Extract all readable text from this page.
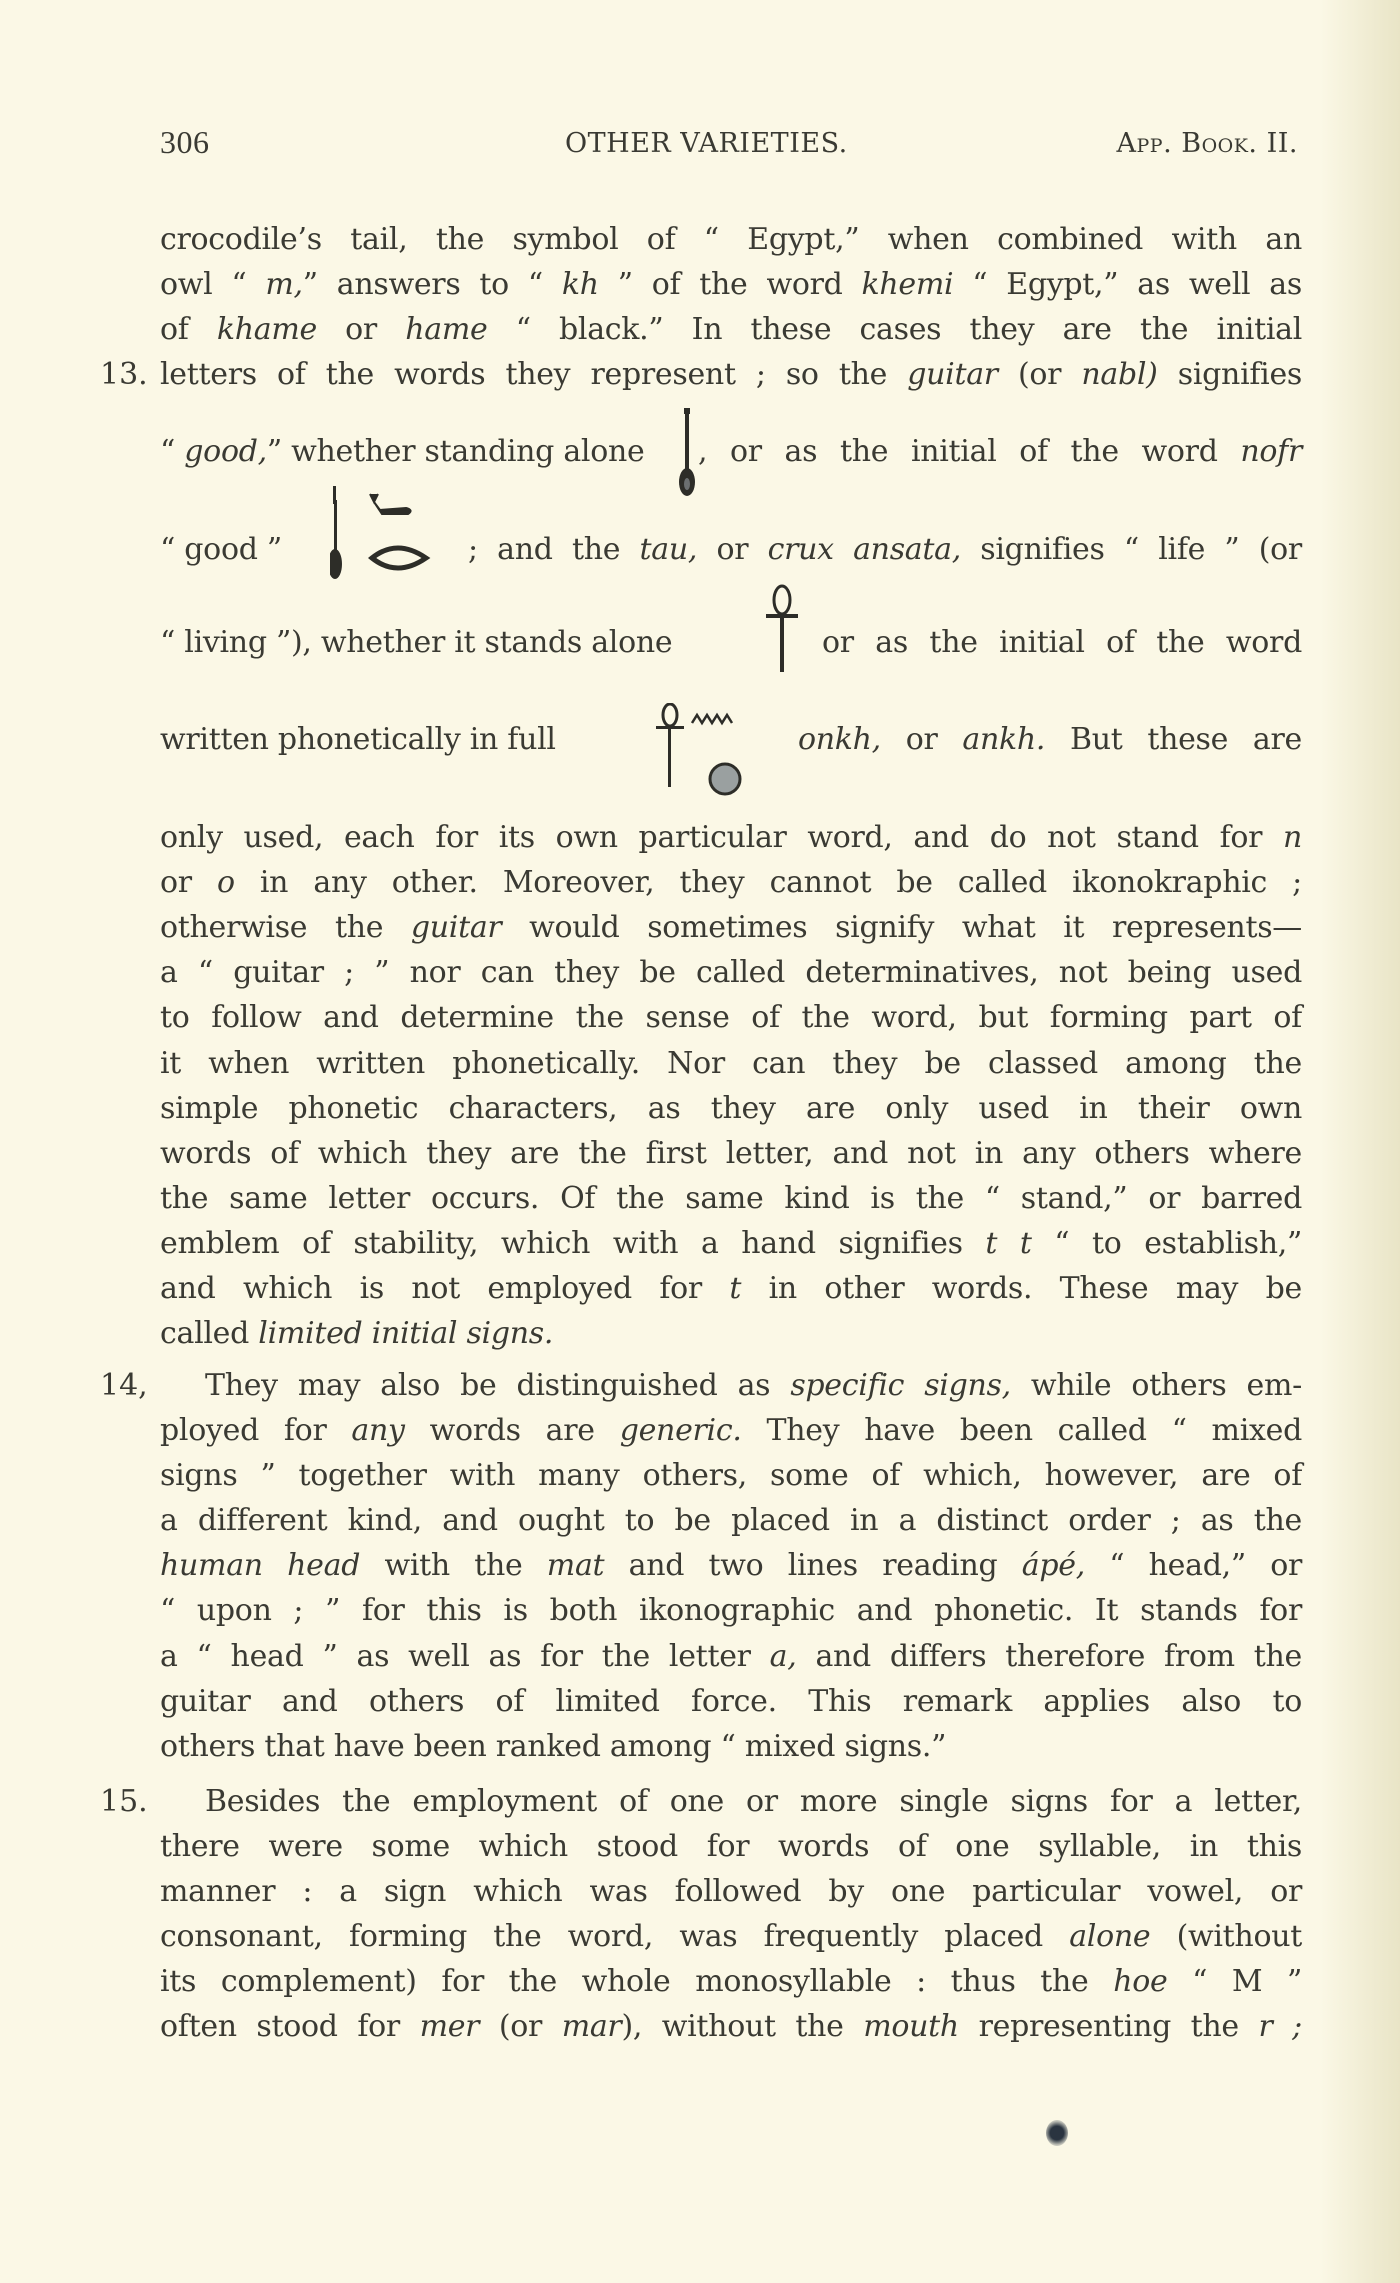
306	OTHER VARIETIES.	App. Book. II.
crocodile’s tail, the symbol of “ Egypt,” when combined with an
owl “ m,” answers to “ kh ” of the word khemi “ Egypt,” as well as
of khame or hame “ black.” In these cases they are the initial
13. letters of the words they represent ; so the guitar (or nabl) signifies
“ good,” whether standing alone	, or as the initial of the word nofr
“ good ”	; and the tau, or crux ansata, signifies “ life ” (or
“ living ”), whether it stands alone	or as the initial of the word
written phonetically in full	onkh, or ankh. But these are
only used, each for its own particular word, and do not stand for n
or o in any other. Moreover, they cannot be called ikonokraphic ;
otherwise the guitar would sometimes signify what it represents—
a “ guitar ; ” nor can they be called determinatives, not being used
to follow and determine the sense of the word, but forming part of
it when written phonetically. Nor can they be classed among the
simple phonetic characters, as they are only used in their own
words of which they are the first letter, and not in any others where
the same letter occurs. Of the same kind is the “ stand,” or barred
emblem of stability, which with a hand signifies t t “ to establish,”
and which is not employed for t in other words. These may be
called limited initial signs.
14, They may also be distinguished as specific signs, while others em-
ployed for any words are generic. They have been called “ mixed
signs ” together with many others, some of which, however, are of
a different kind, and ought to be placed in a distinct order ; as the
human head with the mat and two lines reading ápé, “ head,” or
“ upon ; ” for this is both ikonographic and phonetic. It stands for
a “ head ” as well as for the letter a, and differs therefore from the
guitar and others of limited force. This remark applies also to
others that have been ranked among “ mixed signs.”
15. Besides the employment of one or more single signs for a letter,
there were some which stood for words of one syllable, in this
manner : a sign which was followed by one particular vowel, or
consonant, forming the word, was frequently placed alone (without
its complement) for the whole monosyllable : thus the hoe “ M ”
often stood for mer (or mar), without the mouth representing the r ;
